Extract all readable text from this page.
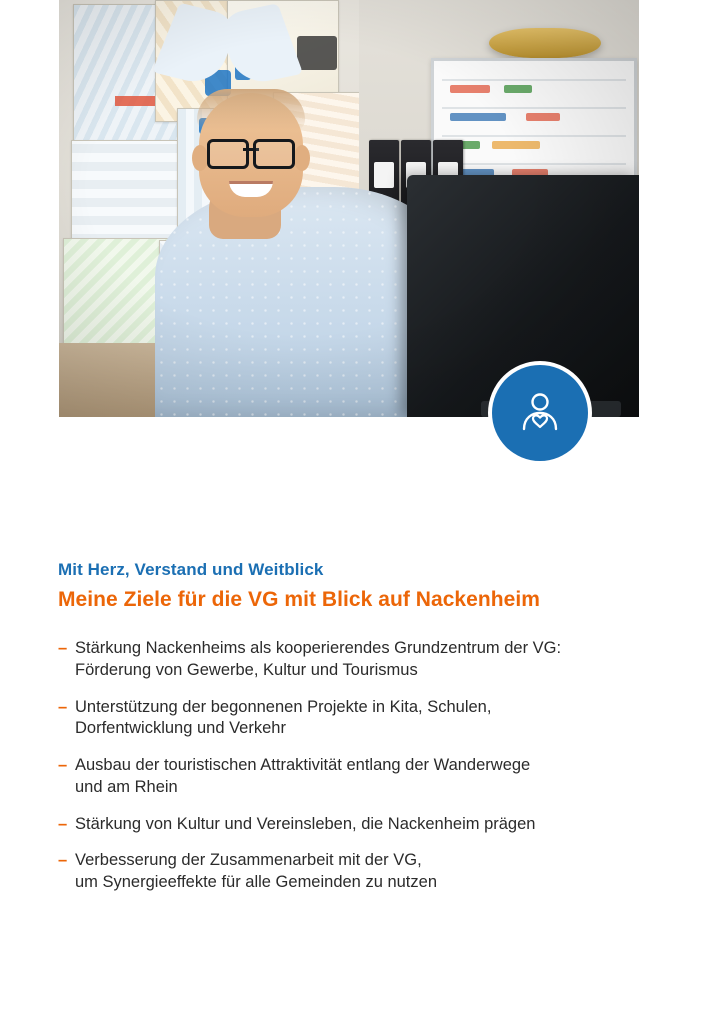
Mit Herz, Verstand und Weitblick

Meine Ziele für die VG mit Blick auf Nackenheim
– Stärkung Nackenheims als kooperierendes Grundzentrum der VG:
Förderung von Gewerbe, Kultur und Tourismus
– Unterstützung der begonnenen Projekte in Kita, Schulen,
Dorfentwicklung und Verkehr
– Ausbau der touristischen Attraktivität entlang der Wanderwege
und am Rhein
– Stärkung von Kultur und Vereinsleben, die Nackenheim prägen
– Verbesserung der Zusammenarbeit mit der VG,
um Synergieeffekte für alle Gemeinden zu nutzen
